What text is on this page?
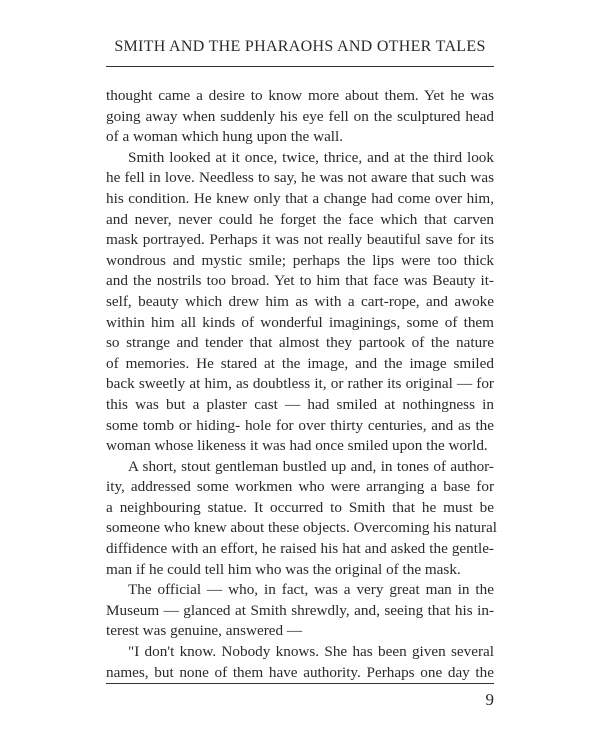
SMITH AND THE PHARAOHS AND OTHER TALES
thought came a desire to know more about them. Yet he was
going away when suddenly his eye fell on the sculptured head
of a woman which hung upon the wall.
Smith looked at it once, twice, thrice, and at the third look
he fell in love. Needless to say, he was not aware that such was
his condition. He knew only that a change had come over him,
and never, never could he forget the face which that carven
mask portrayed. Perhaps it was not really beautiful save for its
wondrous and mystic smile; perhaps the lips were too thick
and the nostrils too broad. Yet to him that face was Beauty it-
self, beauty which drew him as with a cart-rope, and awoke
within him all kinds of wonderful imaginings, some of them
so strange and tender that almost they partook of the nature
of memories. He stared at the image, and the image smiled
back sweetly at him, as doubtless it, or rather its original — for
this was but a plaster cast — had smiled at nothingness in
some tomb or hiding- hole for over thirty centuries, and as the
woman whose likeness it was had once smiled upon the world.
A short, stout gentleman bustled up and, in tones of author-
ity, addressed some workmen who were arranging a base for
a neighbouring statue. It occurred to Smith that he must be
someone who knew about these objects. Overcoming his natural
diffidence with an effort, he raised his hat and asked the gentle-
man if he could tell him who was the original of the mask.
The official — who, in fact, was a very great man in the
Museum — glanced at Smith shrewdly, and, seeing that his in-
terest was genuine, answered —
"I don't know. Nobody knows. She has been given several
names, but none of them have authority. Perhaps one day the
9
